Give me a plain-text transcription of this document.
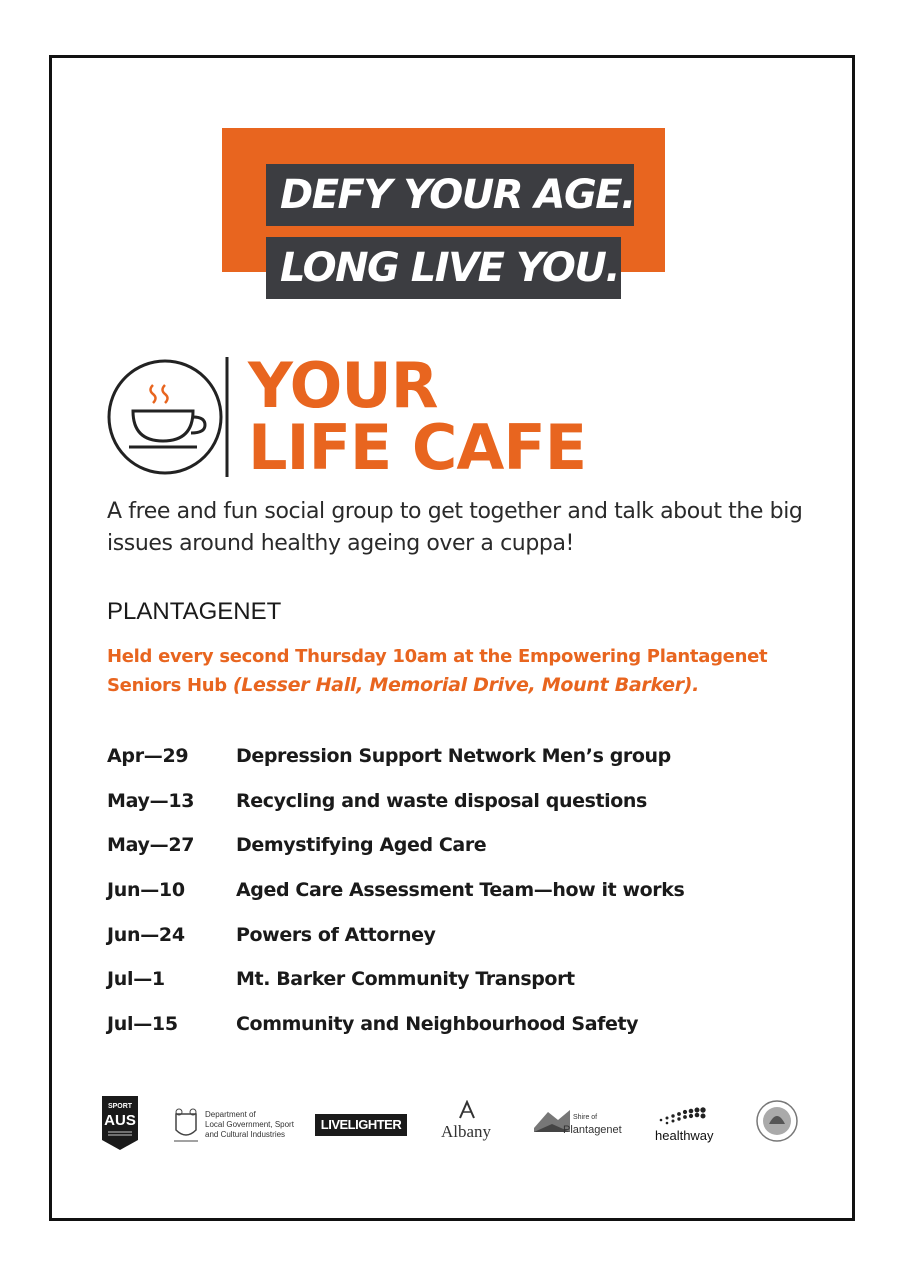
DEFY YOUR AGE.
LONG LIVE YOU.
YOUR
LIFE CAFE
A free and fun social group to get together and talk about the big issues around healthy ageing over a cuppa!
PLANTAGENET
Held every second Thursday 10am at the Empowering Plantagenet Seniors Hub (Lesser Hall, Memorial Drive, Mount Barker).
Apr—29	Depression Support Network Men’s group
May—13	Recycling and waste disposal questions
May—27	Demystifying Aged Care
Jun—10	Aged Care Assessment Team—how it works
Jun—24	Powers of Attorney
Jul—1	Mt. Barker Community Transport
Jul—15	Community and Neighbourhood Safety
SPORT
AUS	Department of
Local Government, Sport
and Cultural Industries
LIVELIGHTER	Albany
Shire of
Plantagenet	healthway
